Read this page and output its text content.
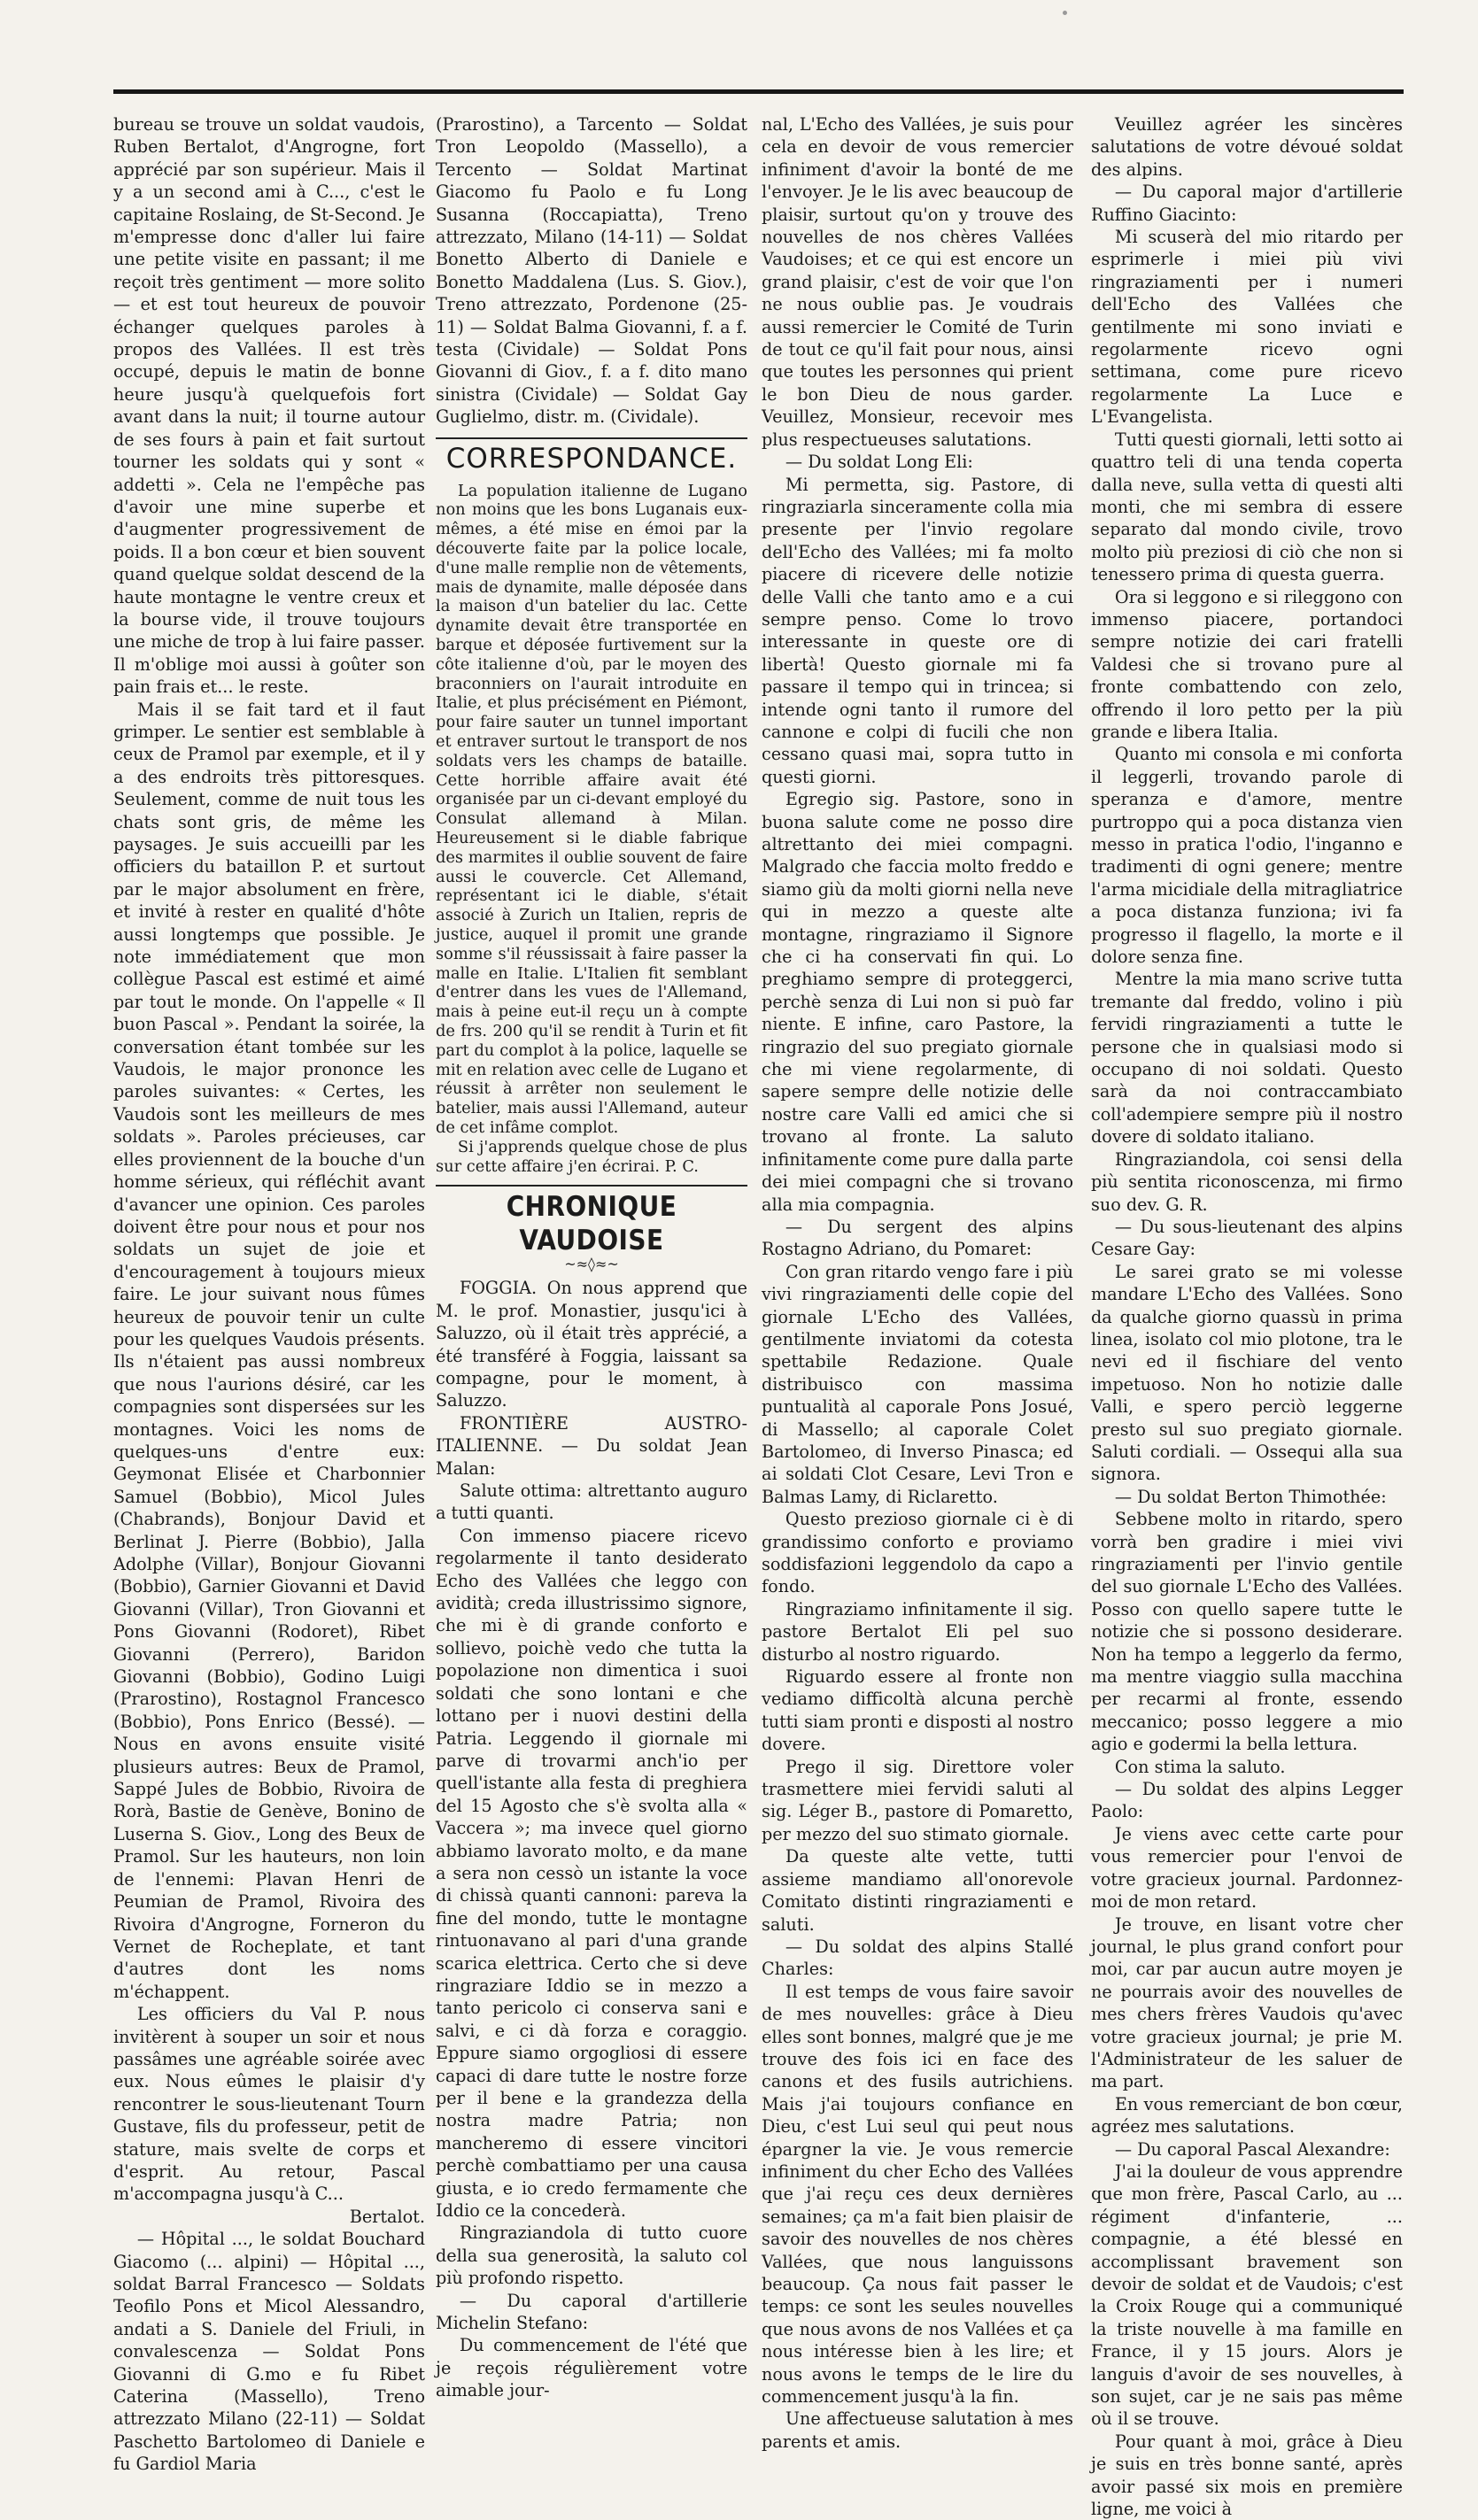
bureau se trouve un soldat vaudois, Ruben Bertalot, d'Angrogne, fort apprécié par son supérieur. Mais il y a un second ami à C..., c'est le capitaine Roslaing, de St-Second. Je m'empresse donc d'aller lui faire une petite visite en passant; il me reçoit très gentiment — more solito — et est tout heureux de pouvoir échanger quelques paroles à propos des Vallées. Il est très occupé, depuis le matin de bonne heure jusqu'à quelquefois fort avant dans la nuit; il tourne autour de ses fours à pain et fait surtout tourner les soldats qui y sont « addetti ». Cela ne l'empêche pas d'avoir une mine superbe et d'augmenter progressivement de poids. Il a bon cœur et bien souvent quand quelque soldat descend de la haute montagne le ventre creux et la bourse vide, il trouve toujours une miche de trop à lui faire passer. Il m'oblige moi aussi à goûter son pain frais et... le reste.

Mais il se fait tard et il faut grimper. Le sentier est semblable à ceux de Pramol par exemple, et il y a des endroits très pittoresques. Seulement, comme de nuit tous les chats sont gris, de même les paysages. Je suis accueilli par les officiers du bataillon P. et surtout par le major absolument en frère, et invité à rester en qualité d'hôte aussi longtemps que possible. Je note immédiatement que mon collègue Pascal est estimé et aimé par tout le monde. On l'appelle « Il buon Pascal ». Pendant la soirée, la conversation étant tombée sur les Vaudois, le major prononce les paroles suivantes: « Certes, les Vaudois sont les meilleurs de mes soldats ». Paroles précieuses, car elles proviennent de la bouche d'un homme sérieux, qui réfléchit avant d'avancer une opinion. Ces paroles doivent être pour nous et pour nos soldats un sujet de joie et d'encouragement à toujours mieux faire. Le jour suivant nous fûmes heureux de pouvoir tenir un culte pour les quelques Vaudois présents. Ils n'étaient pas aussi nombreux que nous l'aurions désiré, car les compagnies sont dispersées sur les montagnes. Voici les noms de quelques-uns d'entre eux: Geymonat Elisée et Charbonnier Samuel (Bobbio), Micol Jules (Chabrands), Bonjour David et Berlinat J. Pierre (Bobbio), Jalla Adolphe (Villar), Bonjour Giovanni (Bobbio), Garnier Giovanni et David Giovanni (Villar), Tron Giovanni et Pons Giovanni (Rodoret), Ribet Giovanni (Perrero), Baridon Giovanni (Bobbio), Godino Luigi (Prarostino), Rostagnol Francesco (Bobbio), Pons Enrico (Bessé). — Nous en avons ensuite visité plusieurs autres: Beux de Pramol, Sappé Jules de Bobbio, Rivoira de Rorà, Bastie de Genève, Bonino de Luserna S. Giov., Long des Beux de Pramol. Sur les hauteurs, non loin de l'ennemi: Plavan Henri de Peumian de Pramol, Rivoira des Rivoira d'Angrogne, Forneron du Vernet de Rocheplate, et tant d'autres dont les noms m'échappent.

Les officiers du Val P. nous invitèrent à souper un soir et nous passâmes une agréable soirée avec eux. Nous eûmes le plaisir d'y rencontrer le sous-lieutenant Tourn Gustave, fils du professeur, petit de stature, mais svelte de corps et d'esprit. Au retour, Pascal m'accompagna jusqu'à C...

Bertalot.

— Hôpital ..., le soldat Bouchard Giacomo (... alpini) — Hôpital ..., soldat Barral Francesco — Soldats Teofilo Pons et Micol Alessandro, andati a S. Daniele del Friuli, in convalescenza — Soldat Pons Giovanni di G.mo e fu Ribet Caterina (Massello), Treno attrezzato Milano (22-11) — Soldat Paschetto Bartolomeo di Daniele e fu Gardiol Maria

(Prarostino), a Tarcento — Soldat Tron Leopoldo (Massello), a Tercento — Soldat Martinat Giacomo fu Paolo e fu Long Susanna (Roccapiatta), Treno attrezzato, Milano (14-11) — Soldat Bonetto Alberto di Daniele e Bonetto Maddalena (Lus. S. Giov.), Treno attrezzato, Pordenone (25-11) — Soldat Balma Giovanni, f. a f. testa (Cividale) — Soldat Pons Giovanni di Giov., f. a f. dito mano sinistra (Cividale) — Soldat Gay Guglielmo, distr. m. (Cividale).

CORRESPONDANCE.

La population italienne de Lugano non moins que les bons Luganais eux-mêmes, a été mise en émoi par la découverte faite par la police locale, d'une malle remplie non de vêtements, mais de dynamite, malle déposée dans la maison d'un batelier du lac. Cette dynamite devait être transportée en barque et déposée furtivement sur la côte italienne d'où, par le moyen des braconniers on l'aurait introduite en Italie, et plus précisément en Piémont, pour faire sauter un tunnel important et entraver surtout le transport de nos soldats vers les champs de bataille. Cette horrible affaire avait été organisée par un ci-devant employé du Consulat allemand à Milan. Heureusement si le diable fabrique des marmites il oublie souvent de faire aussi le couvercle. Cet Allemand, représentant ici le diable, s'était associé à Zurich un Italien, repris de justice, auquel il promit une grande somme s'il réussissait à faire passer la malle en Italie. L'Italien fit semblant d'entrer dans les vues de l'Allemand, mais à peine eut-il reçu un à compte de frs. 200 qu'il se rendit à Turin et fit part du complot à la police, laquelle se mit en relation avec celle de Lugano et réussit à arrêter non seulement le batelier, mais aussi l'Allemand, auteur de cet infâme complot.

Si j'apprends quelque chose de plus sur cette affaire j'en écrirai. P. C.

CHRONIQUE VAUDOISE
~≈◊≈~

FOGGIA. On nous apprend que M. le prof. Monastier, jusqu'ici à Saluzzo, où il était très apprécié, a été transféré à Foggia, laissant sa compagne, pour le moment, à Saluzzo.

FRONTIÈRE AUSTRO-ITALIENNE. — Du soldat Jean Malan:

Salute ottima: altrettanto auguro a tutti quanti.

Con immenso piacere ricevo regolarmente il tanto desiderato Echo des Vallées che leggo con avidità; creda illustrissimo signore, che mi è di grande conforto e sollievo, poichè vedo che tutta la popolazione non dimentica i suoi soldati che sono lontani e che lottano per i nuovi destini della Patria. Leggendo il giornale mi parve di trovarmi anch'io per quell'istante alla festa di preghiera del 15 Agosto che s'è svolta alla « Vaccera »; ma invece quel giorno abbiamo lavorato molto, e da mane a sera non cessò un istante la voce di chissà quanti cannoni: pareva la fine del mondo, tutte le montagne rintuonavano al pari d'una grande scarica elettrica. Certo che si deve ringraziare Iddio se in mezzo a tanto pericolo ci conserva sani e salvi, e ci dà forza e coraggio. Eppure siamo orgogliosi di essere capaci di dare tutte le nostre forze per il bene e la grandezza della nostra madre Patria; non mancheremo di essere vincitori perchè combattiamo per una causa giusta, e io credo fermamente che Iddio ce la concederà.

Ringraziandola di tutto cuore della sua generosità, la saluto col più profondo rispetto.

— Du caporal d'artillerie Michelin Stefano:

Du commencement de l'été que je reçois régulièrement votre aimable jour-

nal, L'Echo des Vallées, je suis pour cela en devoir de vous remercier infiniment d'avoir la bonté de me l'envoyer. Je le lis avec beaucoup de plaisir, surtout qu'on y trouve des nouvelles de nos chères Vallées Vaudoises; et ce qui est encore un grand plaisir, c'est de voir que l'on ne nous oublie pas. Je voudrais aussi remercier le Comité de Turin de tout ce qu'il fait pour nous, ainsi que toutes les personnes qui prient le bon Dieu de nous garder. Veuillez, Monsieur, recevoir mes plus respectueuses salutations.

— Du soldat Long Eli:

Mi permetta, sig. Pastore, di ringraziarla sinceramente colla mia presente per l'invio regolare dell'Echo des Vallées; mi fa molto piacere di ricevere delle notizie delle Valli che tanto amo e a cui sempre penso. Come lo trovo interessante in queste ore di libertà! Questo giornale mi fa passare il tempo qui in trincea; si intende ogni tanto il rumore del cannone e colpi di fucili che non cessano quasi mai, sopra tutto in questi giorni.

Egregio sig. Pastore, sono in buona salute come ne posso dire altrettanto dei miei compagni. Malgrado che faccia molto freddo e siamo giù da molti giorni nella neve qui in mezzo a queste alte montagne, ringraziamo il Signore che ci ha conservati fin qui. Lo preghiamo sempre di proteggerci, perchè senza di Lui non si può far niente. E infine, caro Pastore, la ringrazio del suo pregiato giornale che mi viene regolarmente, di sapere sempre delle notizie delle nostre care Valli ed amici che si trovano al fronte. La saluto infinitamente come pure dalla parte dei miei compagni che si trovano alla mia compagnia.

— Du sergent des alpins Rostagno Adriano, du Pomaret:

Con gran ritardo vengo fare i più vivi ringraziamenti delle copie del giornale L'Echo des Vallées, gentilmente inviatomi da cotesta spettabile Redazione. Quale distribuisco con massima puntualità al caporale Pons Josué, di Massello; al caporale Colet Bartolomeo, di Inverso Pinasca; ed ai soldati Clot Cesare, Levi Tron e Balmas Lamy, di Riclaretto.

Questo prezioso giornale ci è di grandissimo conforto e proviamo soddisfazioni leggendolo da capo a fondo.

Ringraziamo infinitamente il sig. pastore Bertalot Eli pel suo disturbo al nostro riguardo.

Riguardo essere al fronte non vediamo difficoltà alcuna perchè tutti siam pronti e disposti al nostro dovere.

Prego il sig. Direttore voler trasmettere miei fervidi saluti al sig. Léger B., pastore di Pomaretto, per mezzo del suo stimato giornale.

Da queste alte vette, tutti assieme mandiamo all'onorevole Comitato distinti ringraziamenti e saluti.

— Du soldat des alpins Stallé Charles:

Il est temps de vous faire savoir de mes nouvelles: grâce à Dieu elles sont bonnes, malgré que je me trouve des fois ici en face des canons et des fusils autrichiens. Mais j'ai toujours confiance en Dieu, c'est Lui seul qui peut nous épargner la vie. Je vous remercie infiniment du cher Echo des Vallées que j'ai reçu ces deux dernières semaines; ça m'a fait bien plaisir de savoir des nouvelles de nos chères Vallées, que nous languissons beaucoup. Ça nous fait passer le temps: ce sont les seules nouvelles que nous avons de nos Vallées et ça nous intéresse bien à les lire; et nous avons le temps de le lire du commencement jusqu'à la fin.

Une affectueuse salutation à mes parents et amis.

Veuillez agréer les sincères salutations de votre dévoué soldat des alpins.

— Du caporal major d'artillerie Ruffino Giacinto:

Mi scuserà del mio ritardo per esprimerle i miei più vivi ringraziamenti per i numeri dell'Echo des Vallées che gentilmente mi sono inviati e regolarmente ricevo ogni settimana, come pure ricevo regolarmente La Luce e L'Evangelista.

Tutti questi giornali, letti sotto ai quattro teli di una tenda coperta dalla neve, sulla vetta di questi alti monti, che mi sembra di essere separato dal mondo civile, trovo molto più preziosi di ciò che non si tenessero prima di questa guerra.

Ora si leggono e si rileggono con immenso piacere, portandoci sempre notizie dei cari fratelli Valdesi che si trovano pure al fronte combattendo con zelo, offrendo il loro petto per la più grande e libera Italia.

Quanto mi consola e mi conforta il leggerli, trovando parole di speranza e d'amore, mentre purtroppo qui a poca distanza vien messo in pratica l'odio, l'inganno e tradimenti di ogni genere; mentre l'arma micidiale della mitragliatrice a poca distanza funziona; ivi fa progresso il flagello, la morte e il dolore senza fine.

Mentre la mia mano scrive tutta tremante dal freddo, volino i più fervidi ringraziamenti a tutte le persone che in qualsiasi modo si occupano di noi soldati. Questo sarà da noi contraccambiato coll'adempiere sempre più il nostro dovere di soldato italiano.

Ringraziandola, coi sensi della più sentita riconoscenza, mi firmo suo dev. G. R.

— Du sous-lieutenant des alpins Cesare Gay:

Le sarei grato se mi volesse mandare L'Echo des Vallées. Sono da qualche giorno quassù in prima linea, isolato col mio plotone, tra le nevi ed il fischiare del vento impetuoso. Non ho notizie dalle Valli, e spero perciò leggerne presto sul suo pregiato giornale. Saluti cordiali. — Ossequi alla sua signora.

— Du soldat Berton Thimothée:

Sebbene molto in ritardo, spero vorrà ben gradire i miei vivi ringraziamenti per l'invio gentile del suo giornale L'Echo des Vallées. Posso con quello sapere tutte le notizie che si possono desiderare. Non ha tempo a leggerlo da fermo, ma mentre viaggio sulla macchina per recarmi al fronte, essendo meccanico; posso leggere a mio agio e godermi la bella lettura.

Con stima la saluto.

— Du soldat des alpins Legger Paolo:

Je viens avec cette carte pour vous remercier pour l'envoi de votre gracieux journal. Pardonnez-moi de mon retard.

Je trouve, en lisant votre cher journal, le plus grand confort pour moi, car par aucun autre moyen je ne pourrais avoir des nouvelles de mes chers frères Vaudois qu'avec votre gracieux journal; je prie M. l'Administrateur de les saluer de ma part.

En vous remerciant de bon cœur, agréez mes salutations.

— Du caporal Pascal Alexandre:

J'ai la douleur de vous apprendre que mon frère, Pascal Carlo, au ... régiment d'infanterie, ... compagnie, a été blessé en accomplissant bravement son devoir de soldat et de Vaudois; c'est la Croix Rouge qui a communiqué la triste nouvelle à ma famille en France, il y 15 jours. Alors je languis d'avoir de ses nouvelles, à son sujet, car je ne sais pas même où il se trouve.

Pour quant à moi, grâce à Dieu je suis en très bonne santé, après avoir passé six mois en première ligne, me voici à
